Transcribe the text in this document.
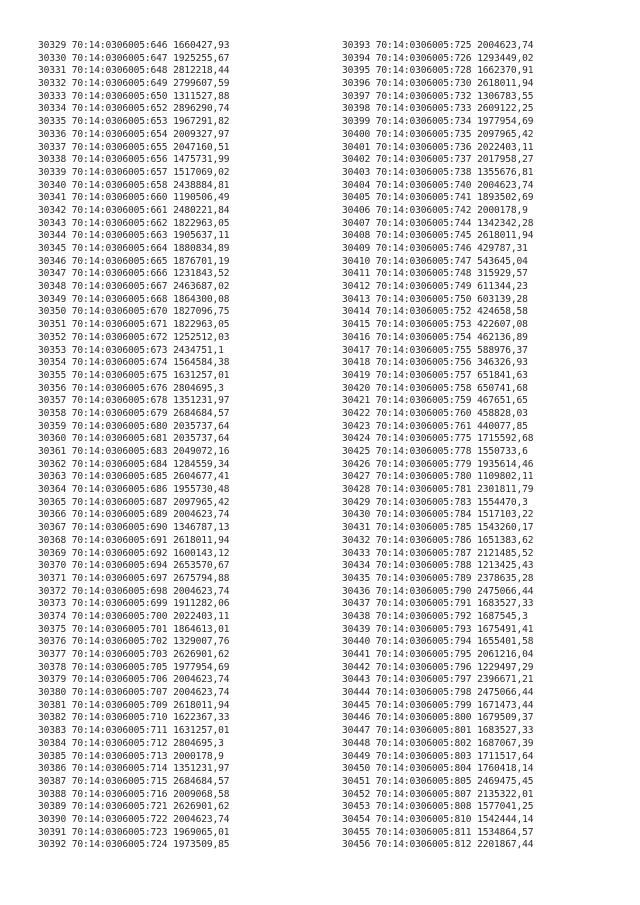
30329 70:14:0306005:646 1660427,93
30330 70:14:0306005:647 1925255,67
30331 70:14:0306005:648 2812218,44
30332 70:14:0306005:649 2799607,59
30333 70:14:0306005:650 1311527,88
30334 70:14:0306005:652 2896290,74
30335 70:14:0306005:653 1967291,82
30336 70:14:0306005:654 2009327,97
30337 70:14:0306005:655 2047160,51
30338 70:14:0306005:656 1475731,99
30339 70:14:0306005:657 1517069,02
30340 70:14:0306005:658 2438884,81
30341 70:14:0306005:660 1190506,49
30342 70:14:0306005:661 2480221,84
30343 70:14:0306005:662 1822963,05
30344 70:14:0306005:663 1905637,11
30345 70:14:0306005:664 1880834,89
30346 70:14:0306005:665 1876701,19
30347 70:14:0306005:666 1231843,52
30348 70:14:0306005:667 2463687,02
30349 70:14:0306005:668 1864300,08
30350 70:14:0306005:670 1827096,75
30351 70:14:0306005:671 1822963,05
30352 70:14:0306005:672 1252512,03
30353 70:14:0306005:673 2434751,1
30354 70:14:0306005:674 1564584,38
30355 70:14:0306005:675 1631257,01
30356 70:14:0306005:676 2804695,3
30357 70:14:0306005:678 1351231,97
30358 70:14:0306005:679 2684684,57
30359 70:14:0306005:680 2035737,64
30360 70:14:0306005:681 2035737,64
30361 70:14:0306005:683 2049072,16
30362 70:14:0306005:684 1284559,34
30363 70:14:0306005:685 2604677,41
30364 70:14:0306005:686 1955730,48
30365 70:14:0306005:687 2097965,42
30366 70:14:0306005:689 2004623,74
30367 70:14:0306005:690 1346787,13
30368 70:14:0306005:691 2618011,94
30369 70:14:0306005:692 1600143,12
30370 70:14:0306005:694 2653570,67
30371 70:14:0306005:697 2675794,88
30372 70:14:0306005:698 2004623,74
30373 70:14:0306005:699 1911282,06
30374 70:14:0306005:700 2022403,11
30375 70:14:0306005:701 1864613,01
30376 70:14:0306005:702 1329007,76
30377 70:14:0306005:703 2626901,62
30378 70:14:0306005:705 1977954,69
30379 70:14:0306005:706 2004623,74
30380 70:14:0306005:707 2004623,74
30381 70:14:0306005:709 2618011,94
30382 70:14:0306005:710 1622367,33
30383 70:14:0306005:711 1631257,01
30384 70:14:0306005:712 2804695,3
30385 70:14:0306005:713 2000178,9
30386 70:14:0306005:714 1351231,97
30387 70:14:0306005:715 2684684,57
30388 70:14:0306005:716 2009068,58
30389 70:14:0306005:721 2626901,62
30390 70:14:0306005:722 2004623,74
30391 70:14:0306005:723 1969065,01
30392 70:14:0306005:724 1973509,85
30393 70:14:0306005:725 2004623,74
30394 70:14:0306005:726 1293449,02
30395 70:14:0306005:728 1662370,91
30396 70:14:0306005:730 2618011,94
30397 70:14:0306005:732 1306783,55
30398 70:14:0306005:733 2609122,25
30399 70:14:0306005:734 1977954,69
30400 70:14:0306005:735 2097965,42
30401 70:14:0306005:736 2022403,11
30402 70:14:0306005:737 2017958,27
30403 70:14:0306005:738 1355676,81
30404 70:14:0306005:740 2004623,74
30405 70:14:0306005:741 1893502,69
30406 70:14:0306005:742 2000178,9
30407 70:14:0306005:744 1342342,28
30408 70:14:0306005:745 2618011,94
30409 70:14:0306005:746 429787,31
30410 70:14:0306005:747 543645,04
30411 70:14:0306005:748 315929,57
30412 70:14:0306005:749 611344,23
30413 70:14:0306005:750 603139,28
30414 70:14:0306005:752 424658,58
30415 70:14:0306005:753 422607,08
30416 70:14:0306005:754 462136,89
30417 70:14:0306005:755 588976,37
30418 70:14:0306005:756 346326,93
30419 70:14:0306005:757 651841,63
30420 70:14:0306005:758 650741,68
30421 70:14:0306005:759 467651,65
30422 70:14:0306005:760 458828,03
30423 70:14:0306005:761 440077,85
30424 70:14:0306005:775 1715592,68
30425 70:14:0306005:778 1550733,6
30426 70:14:0306005:779 1935614,46
30427 70:14:0306005:780 1109802,11
30428 70:14:0306005:781 2301811,79
30429 70:14:0306005:783 1554470,3
30430 70:14:0306005:784 1517103,22
30431 70:14:0306005:785 1543260,17
30432 70:14:0306005:786 1651383,62
30433 70:14:0306005:787 2121485,52
30434 70:14:0306005:788 1213425,43
30435 70:14:0306005:789 2378635,28
30436 70:14:0306005:790 2475066,44
30437 70:14:0306005:791 1683527,33
30438 70:14:0306005:792 1687545,3
30439 70:14:0306005:793 1675491,41
30440 70:14:0306005:794 1655401,58
30441 70:14:0306005:795 2061216,04
30442 70:14:0306005:796 1229497,29
30443 70:14:0306005:797 2396671,21
30444 70:14:0306005:798 2475066,44
30445 70:14:0306005:799 1671473,44
30446 70:14:0306005:800 1679509,37
30447 70:14:0306005:801 1683527,33
30448 70:14:0306005:802 1687067,39
30449 70:14:0306005:803 1711517,64
30450 70:14:0306005:804 1760418,14
30451 70:14:0306005:805 2469475,45
30452 70:14:0306005:807 2135322,01
30453 70:14:0306005:808 1577041,25
30454 70:14:0306005:810 1542444,14
30455 70:14:0306005:811 1534864,57
30456 70:14:0306005:812 2201867,44
